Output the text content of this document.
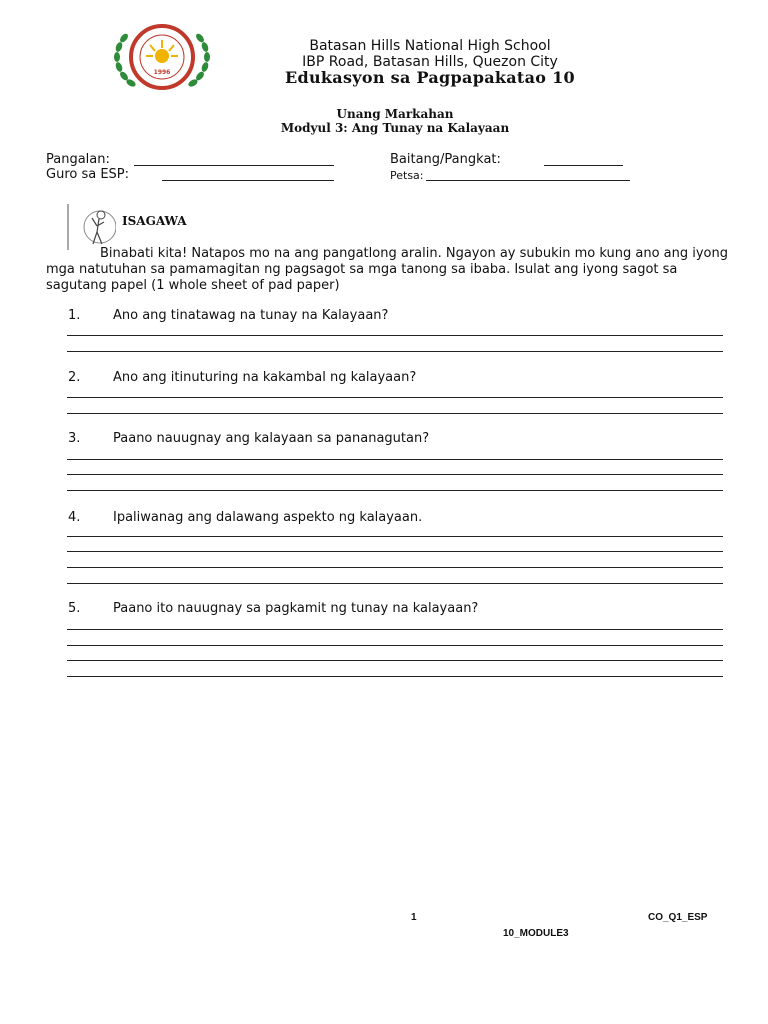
1996
Batasan Hills National High School
IBP Road, Batasan Hills, Quezon City
Edukasyon sa Pagpapakatao 10
Unang Markahan
Modyul 3: Ang Tunay na Kalayaan
Pangalan:
Guro sa ESP:
Baitang/Pangkat:
Petsa:
ISAGAWA
Binabati kita! Natapos mo na ang pangatlong aralin. Ngayon ay subukin mo kung ano ang iyong mga natutuhan sa pamamagitan ng pagsagot sa mga tanong sa ibaba. Isulat ang iyong sagot sa sagutang papel (1 whole sheet of pad paper)
1.	Ano ang tinatawag na tunay na Kalayaan?
2.	Ano ang itinuturing na kakambal ng kalayaan?
3.	Paano nauugnay ang kalayaan sa pananagutan?
4.	Ipaliwanag ang dalawang aspekto ng kalayaan.
5.	Paano ito nauugnay sa pagkamit ng tunay na kalayaan?
1	CO_Q1_ESP
10_MODULE3
